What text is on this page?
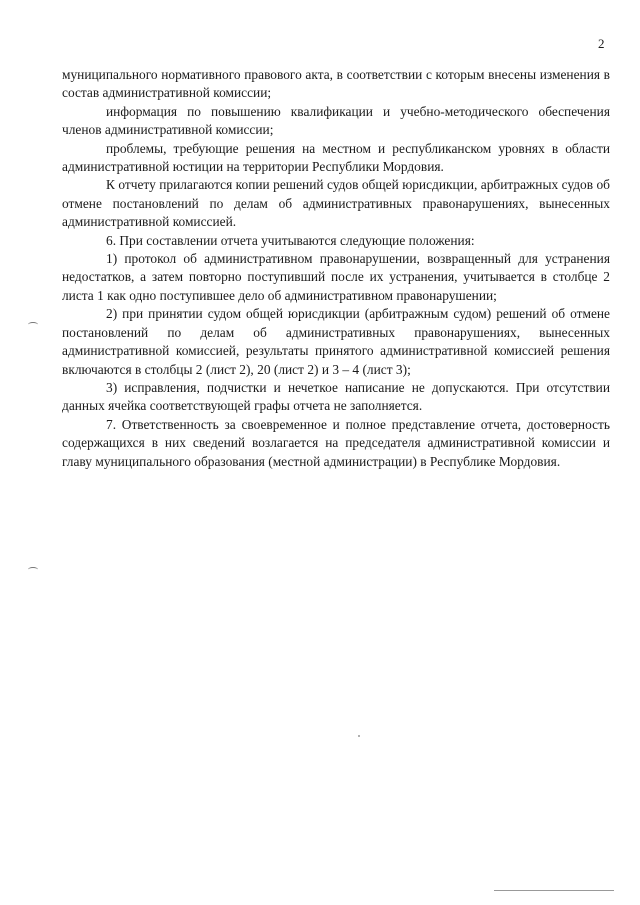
2

муниципального нормативного правового акта, в соответствии с которым внесены изменения в состав административной комиссии;

информация по повышению квалификации и учебно-методического обеспечения членов административной комиссии;

проблемы, требующие решения на местном и республиканском уровнях в области административной юстиции на территории Республики Мордовия.

К отчету прилагаются копии решений судов общей юрисдикции, арбитражных судов об отмене постановлений по делам об административных правонарушениях, вынесенных административной комиссией.

6. При составлении отчета учитываются следующие положения:

1) протокол об административном правонарушении, возвращенный для устранения недостатков, а затем повторно поступивший после их устранения, учитывается в столбце 2 листа 1 как одно поступившее дело об административном правонарушении;

2) при принятии судом общей юрисдикции (арбитражным судом) решений об отмене постановлений по делам об административных правонарушениях, вынесенных административной комиссией, результаты принятого административной комиссией решения включаются в столбцы 2 (лист 2), 20 (лист 2) и 3 – 4 (лист 3);

3) исправления, подчистки и нечеткое написание не допускаются. При отсутствии данных ячейка соответствующей графы отчета не заполняется.

7. Ответственность за своевременное и полное представление отчета, достоверность содержащихся в них сведений возлагается на председателя административной комиссии и главу муниципального образования (местной администрации) в Республике Мордовия.
